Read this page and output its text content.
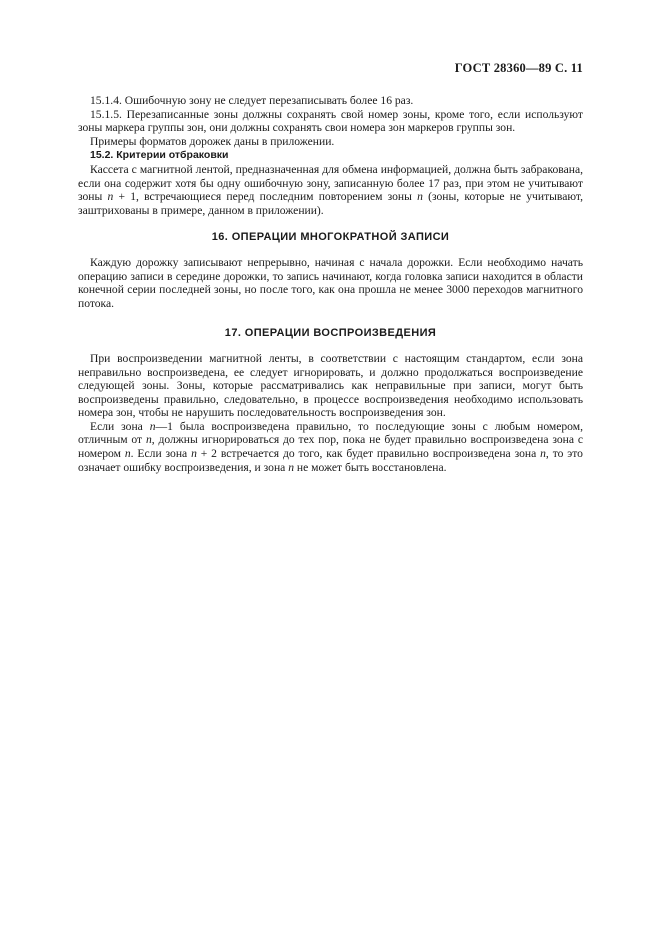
ГОСТ 28360—89 С. 11

15.1.4. Ошибочную зону не следует перезаписывать более 16 раз.

15.1.5. Перезаписанные зоны должны сохранять свой номер зоны, кроме того, если используют зоны маркера группы зон, они должны сохранять свои номера зон маркеров группы зон.

Примеры форматов дорожек даны в приложении.

15.2. Критерии отбраковки

Кассета с магнитной лентой, предназначенная для обмена информацией, должна быть забракована, если она содержит хотя бы одну ошибочную зону, записанную более 17 раз, при этом не учитывают зоны n + 1, встречающиеся перед последним повторением зоны n (зоны, которые не учитывают, заштрихованы в примере, данном в приложении).

16. ОПЕРАЦИИ МНОГОКРАТНОЙ ЗАПИСИ

Каждую дорожку записывают непрерывно, начиная с начала дорожки. Если необходимо начать операцию записи в середине дорожки, то запись начинают, когда головка записи находится в области конечной серии последней зоны, но после того, как она прошла не менее 3000 переходов магнитного потока.

17. ОПЕРАЦИИ ВОСПРОИЗВЕДЕНИЯ

При воспроизведении магнитной ленты, в соответствии с настоящим стандартом, если зона неправильно воспроизведена, ее следует игнорировать, и должно продолжаться воспроизведение следующей зоны. Зоны, которые рассматривались как неправильные при записи, могут быть воспроизведены правильно, следовательно, в процессе воспроизведения необходимо использовать номера зон, чтобы не нарушить последовательность воспроизведения зон.

Если зона n—1 была воспроизведена правильно, то последующие зоны с любым номером, отличным от n, должны игнорироваться до тех пор, пока не будет правильно воспроизведена зона с номером n. Если зона n + 2 встречается до того, как будет правильно воспроизведена зона n, то это означает ошибку воспроизведения, и зона n не может быть восстановлена.
